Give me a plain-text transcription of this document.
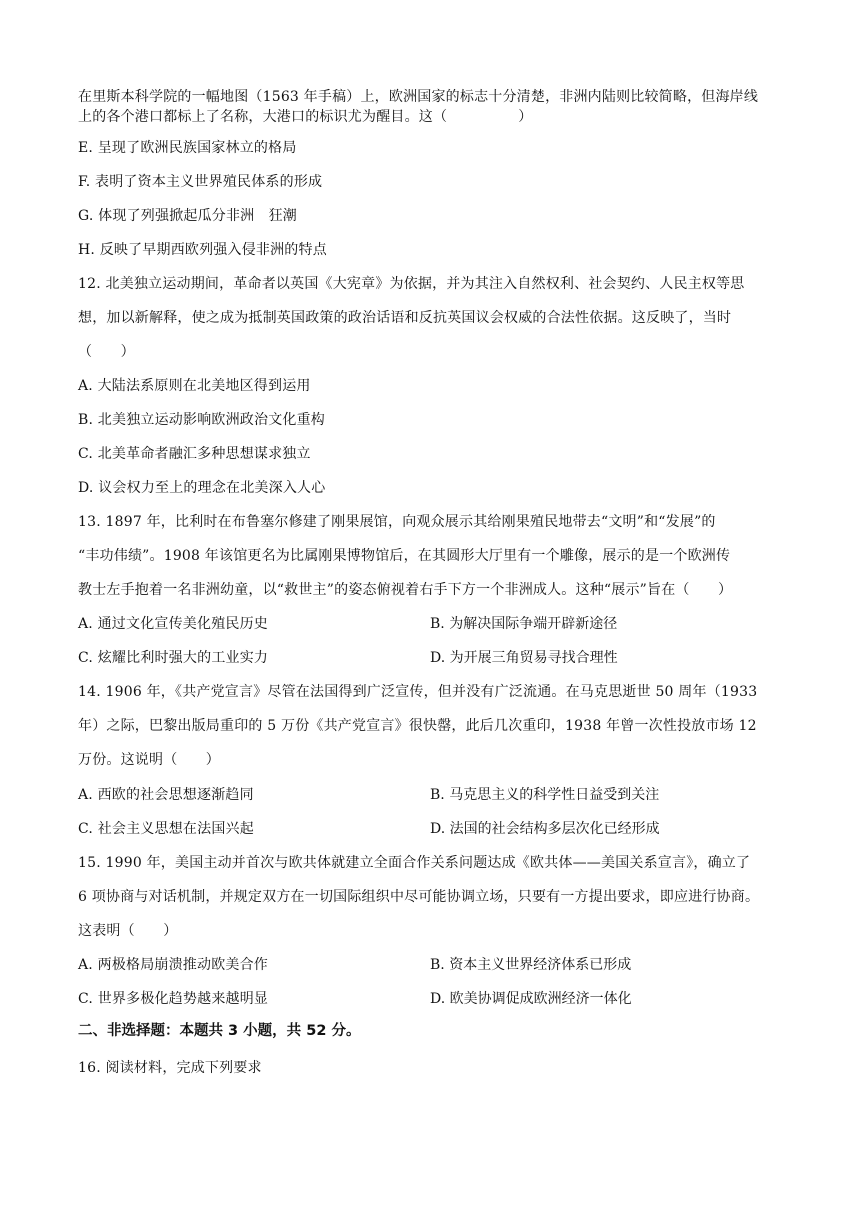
在里斯本科学院的一幅地图（1563 年手稿）上，欧洲国家的标志十分清楚，非洲内陆则比较简略，但海岸线
上的各个港口都标上了名称，大港口的标识尤为醒目。这（　　　　　）
E. 呈现了欧洲民族国家林立的格局
F. 表明了资本主义世界殖民体系的形成
G. 体现了列强掀起瓜分非洲　狂潮
H. 反映了早期西欧列强入侵非洲的特点
12. 北美独立运动期间，革命者以英国《大宪章》为依据，并为其注入自然权利、社会契约、人民主权等思
想，加以新解释，使之成为抵制英国政策的政治话语和反抗英国议会权威的合法性依据。这反映了，当时
（　　）
A. 大陆法系原则在北美地区得到运用
B. 北美独立运动影响欧洲政治文化重构
C. 北美革命者融汇多种思想谋求独立
D. 议会权力至上的理念在北美深入人心
13. 1897 年，比利时在布鲁塞尔修建了刚果展馆，向观众展示其给刚果殖民地带去“文明”和“发展”的
“丰功伟绩”。1908 年该馆更名为比属刚果博物馆后，在其圆形大厅里有一个雕像，展示的是一个欧洲传
教士左手抱着一名非洲幼童，以“救世主”的姿态俯视着右手下方一个非洲成人。这种“展示”旨在（　　）
A. 通过文化宣传美化殖民历史	B. 为解决国际争端开辟新途径
C. 炫耀比利时强大的工业实力	D. 为开展三角贸易寻找合理性
14. 1906 年，《共产党宣言》尽管在法国得到广泛宣传，但并没有广泛流通。在马克思逝世 50 周年（1933
年）之际，巴黎出版局重印的 5 万份《共产党宣言》很快罄，此后几次重印，1938 年曾一次性投放市场 12
万份。这说明（　　）
A. 西欧的社会思想逐渐趋同	B. 马克思主义的科学性日益受到关注
C. 社会主义思想在法国兴起	D. 法国的社会结构多层次化已经形成
15. 1990 年，美国主动并首次与欧共体就建立全面合作关系问题达成《欧共体——美国关系宣言》，确立了
6 项协商与对话机制，并规定双方在一切国际组织中尽可能协调立场，只要有一方提出要求，即应进行协商。
这表明（　　）
A. 两极格局崩溃推动欧美合作	B. 资本主义世界经济体系已形成
C. 世界多极化趋势越来越明显	D. 欧美协调促成欧洲经济一体化
二、非选择题：本题共 3 小题，共 52 分。
16. 阅读材料，完成下列要求
